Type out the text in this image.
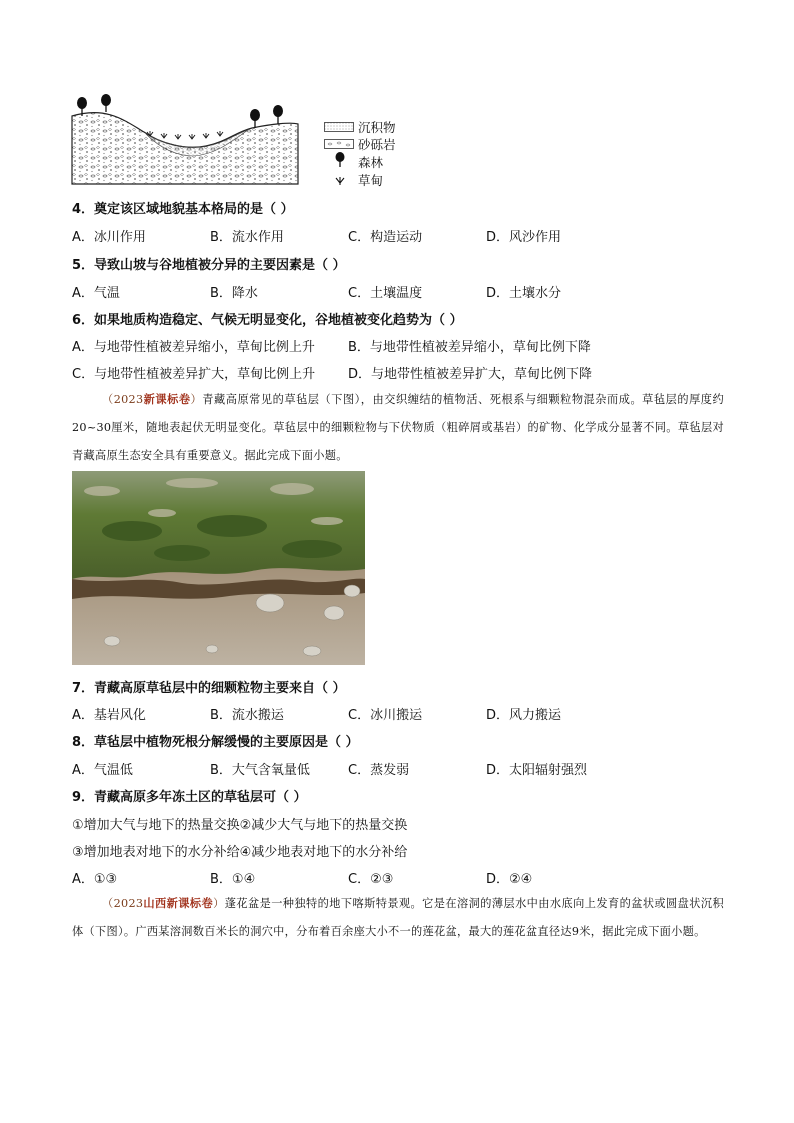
沉积物
砂砾岩
森林
草甸
4．奠定该区域地貌基本格局的是（ ）
A．冰川作用	B．流水作用	C．构造运动	D．风沙作用
5．导致山坡与谷地植被分异的主要因素是（ ）
A．气温	B．降水	C．土壤温度	D．土壤水分
6．如果地质构造稳定、气候无明显变化，谷地植被变化趋势为（ ）
A．与地带性植被差异缩小，草甸比例上升	B．与地带性植被差异缩小，草甸比例下降
C．与地带性植被差异扩大，草甸比例上升	D．与地带性植被差异扩大，草甸比例下降
（2023新课标卷）青藏高原常见的草毡层（下图），由交织缠结的植物活、死根系与细颗粒物混杂而成。草毡层的厚度约20~30厘米，随地表起伏无明显变化。草毡层中的细颗粒物与下伏物质（粗碎屑或基岩）的矿物、化学成分显著不同。草毡层对青藏高原生态安全具有重要意义。据此完成下面小题。
7．青藏高原草毡层中的细颗粒物主要来自（ ）
A．基岩风化	B．流水搬运	C．冰川搬运	D．风力搬运
8．草毡层中植物死根分解缓慢的主要原因是（ ）
A．气温低	B．大气含氧量低	C．蒸发弱	D．太阳辐射强烈
9．青藏高原多年冻土区的草毡层可（ ）
①增加大气与地下的热量交换②减少大气与地下的热量交换
③增加地表对地下的水分补给④减少地表对地下的水分补给
A．①③	B．①④	C．②③	D．②④
（2023山西新课标卷）蓬花盆是一种独特的地下喀斯特景观。它是在溶洞的薄层水中由水底向上发育的盆状或圆盘状沉积体（下图）。广西某溶洞数百米长的洞穴中，分布着百余座大小不一的莲花盆，最大的莲花盆直径达9米，据此完成下面小题。
